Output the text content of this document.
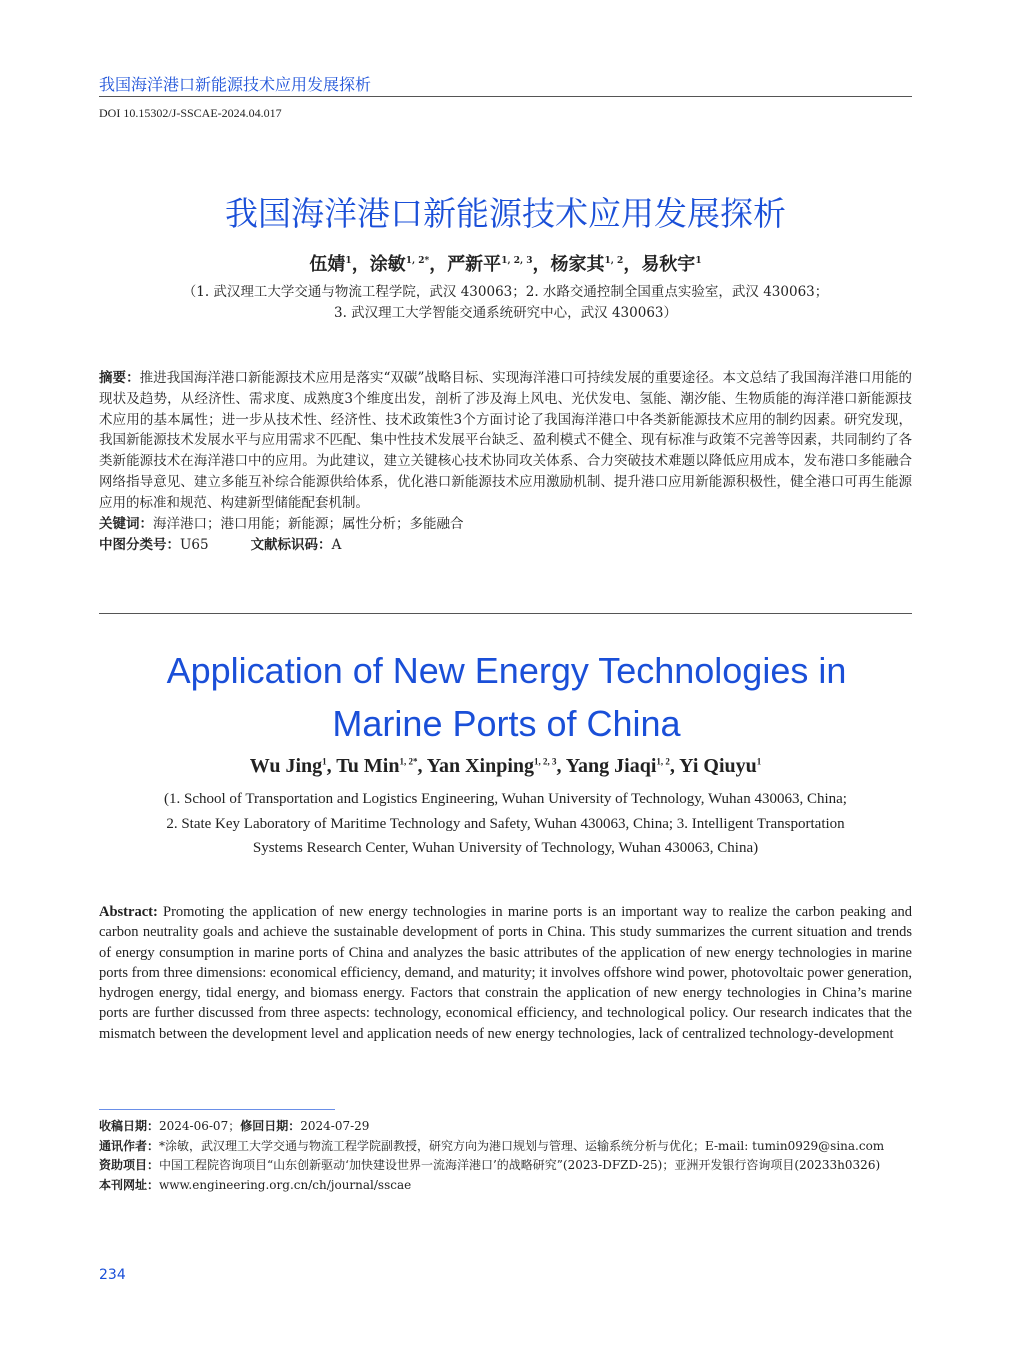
我国海洋港口新能源技术应用发展探析
DOI 10.15302/J-SSCAE-2024.04.017
我国海洋港口新能源技术应用发展探析
伍婧$^1$，涂敏$^{1, 2*}$，严新平$^{1, 2, 3}$，杨家其$^{1, 2}$，易秋宇$^1$
（1. 武汉理工大学交通与物流工程学院，武汉 430063；2. 水路交通控制全国重点实验室，武汉 430063；
3. 武汉理工大学智能交通系统研究中心，武汉 430063）
摘要：推进我国海洋港口新能源技术应用是落实“双碳”战略目标、实现海洋港口可持续发展的重要途径。本文总结了我国海洋港口用能的现状及趋势，从经济性、需求度、成熟度3个维度出发，剖析了涉及海上风电、光伏发电、氢能、潮汐能、生物质能的海洋港口新能源技术应用的基本属性；进一步从技术性、经济性、技术政策性3个方面讨论了我国海洋港口中各类新能源技术应用的制约因素。研究发现，我国新能源技术发展水平与应用需求不匹配、集中性技术发展平台缺乏、盈利模式不健全、现有标准与政策不完善等因素，共同制约了各类新能源技术在海洋港口中的应用。为此建议，建立关键核心技术协同攻关体系、合力突破技术难题以降低应用成本，发布港口多能融合网络指导意见、建立多能互补综合能源供给体系，优化港口新能源技术应用激励机制、提升港口应用新能源积极性，健全港口可再生能源应用的标准和规范、构建新型储能配套机制。
关键词：海洋港口；港口用能；新能源；属性分析；多能融合
中图分类号：U65	文献标识码：A
Application of New Energy Technologies in Marine Ports of China
Wu Jing$^1$, Tu Min$^{1, 2*}$, Yan Xinping$^{1, 2, 3}$, Yang Jiaqi$^{1, 2}$, Yi Qiuyu$^1$
(1. School of Transportation and Logistics Engineering, Wuhan University of Technology, Wuhan 430063, China;
2. State Key Laboratory of Maritime Technology and Safety, Wuhan 430063, China; 3. Intelligent Transportation
Systems Research Center, Wuhan University of Technology, Wuhan 430063, China)
Abstract: Promoting the application of new energy technologies in marine ports is an important way to realize the carbon peaking and carbon neutrality goals and achieve the sustainable development of ports in China. This study summarizes the current situation and trends of energy consumption in marine ports of China and analyzes the basic attributes of the application of new energy technologies in marine ports from three dimensions: economical efficiency, demand, and maturity; it involves offshore wind power, photovoltaic power generation, hydrogen energy, tidal energy, and biomass energy. Factors that constrain the application of new energy technologies in China’s marine ports are further discussed from three aspects: technology, economical efficiency, and technological policy. Our research indicates that the mismatch between the development level and application needs of new energy technologies, lack of centralized technology-development
收稿日期： 2024-06-07； 修回日期： 2024-07-29
通讯作者： *涂敏，武汉理工大学交通与物流工程学院副教授，研究方向为港口规划与管理、运输系统分析与优化；E-mail: tumin0929@sina.com
资助项目： 中国工程院咨询项目“山东创新驱动‘加快建设世界一流海洋港口’的战略研究”(2023-DFZD-25)；亚洲开发银行咨询项目(20233h0326)
本刊网址： www.engineering.org.cn/ch/journal/sscae
234
